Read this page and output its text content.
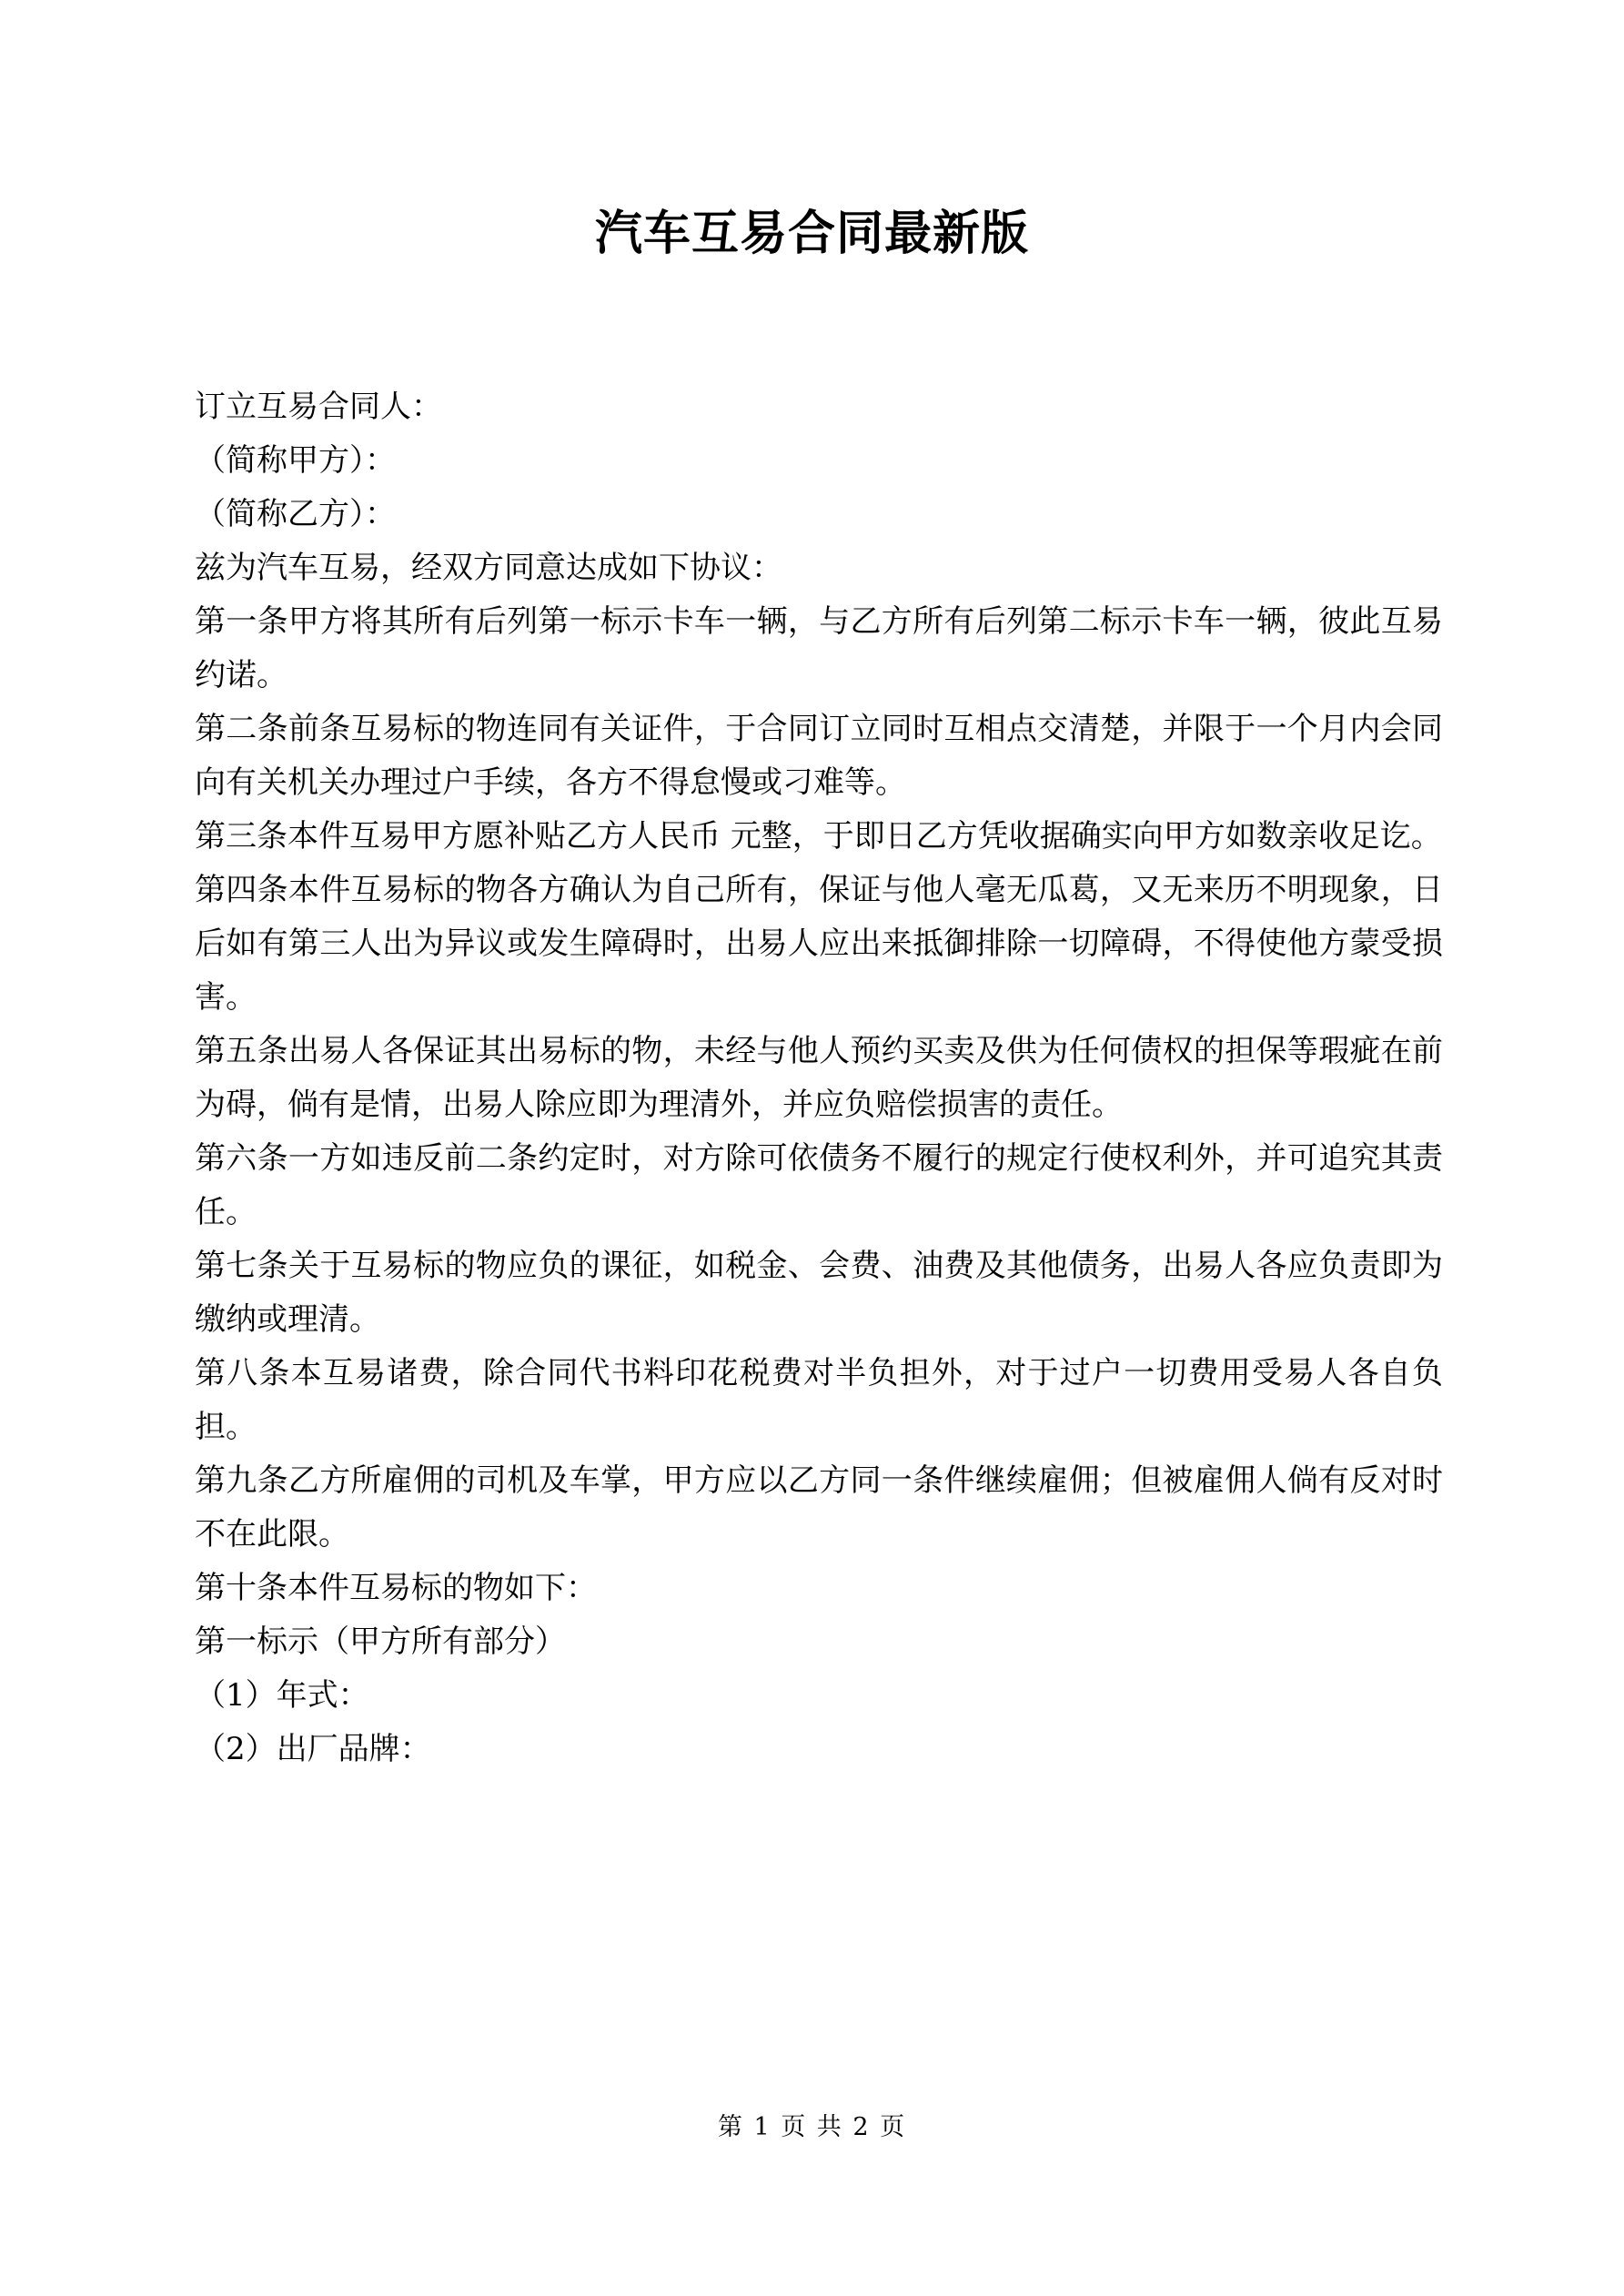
汽车互易合同最新版

订立互易合同人：

（简称甲方）：

（简称乙方）：

兹为汽车互易，经双方同意达成如下协议：

第一条甲方将其所有后列第一标示卡车一辆，与乙方所有后列第二标示卡车一辆，彼此互易约诺。

第二条前条互易标的物连同有关证件，于合同订立同时互相点交清楚，并限于一个月内会同向有关机关办理过户手续，各方不得怠慢或刁难等。

第三条本件互易甲方愿补贴乙方人民币 元整，于即日乙方凭收据确实向甲方如数亲收足讫。

第四条本件互易标的物各方确认为自己所有，保证与他人毫无瓜葛，又无来历不明现象，日后如有第三人出为异议或发生障碍时，出易人应出来抵御排除一切障碍，不得使他方蒙受损害。

第五条出易人各保证其出易标的物，未经与他人预约买卖及供为任何债权的担保等瑕疵在前为碍，倘有是情，出易人除应即为理清外，并应负赔偿损害的责任。

第六条一方如违反前二条约定时，对方除可依债务不履行的规定行使权利外，并可追究其责任。

第七条关于互易标的物应负的课征，如税金、会费、油费及其他债务，出易人各应负责即为缴纳或理清。

第八条本互易诸费，除合同代书料印花税费对半负担外，对于过户一切费用受易人各自负担。

第九条乙方所雇佣的司机及车掌，甲方应以乙方同一条件继续雇佣；但被雇佣人倘有反对时不在此限。

第十条本件互易标的物如下：

第一标示（甲方所有部分）

（1）年式：

（2）出厂品牌：

第 1 页 共 2 页
